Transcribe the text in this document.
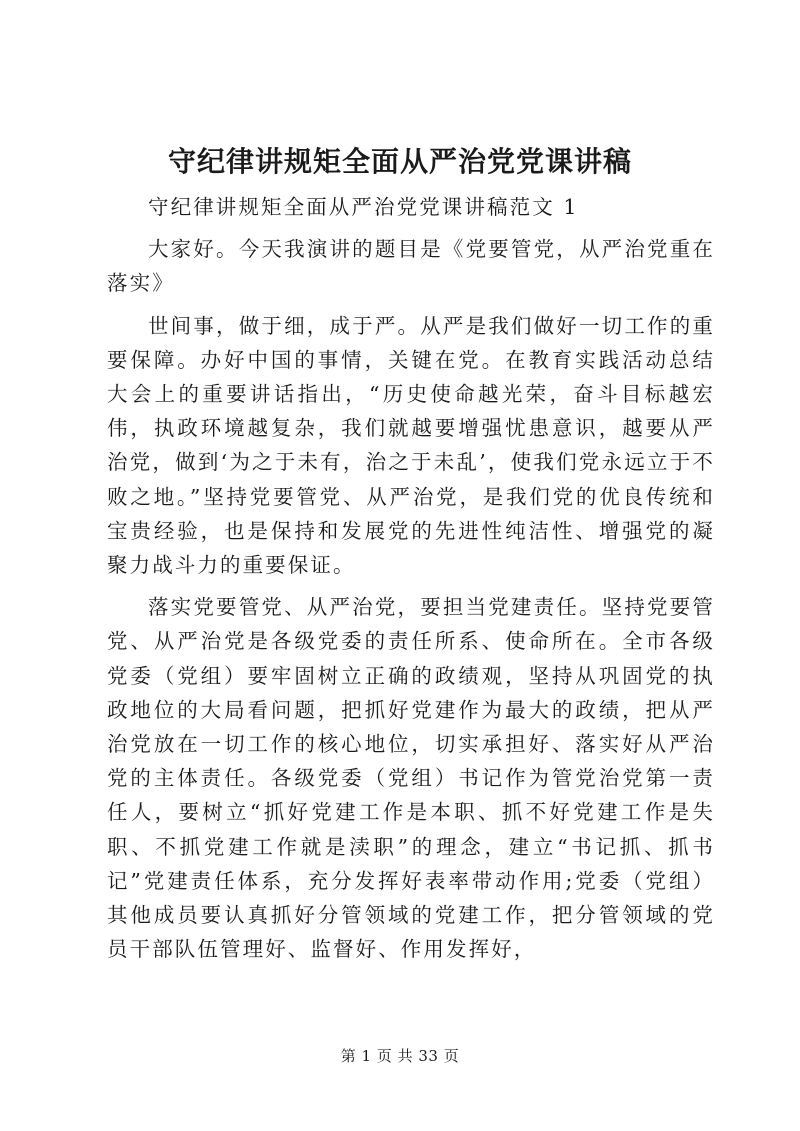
守纪律讲规矩全面从严治党党课讲稿

守纪律讲规矩全面从严治党党课讲稿范文 1

大家好。今天我演讲的题目是《党要管党，从严治党重在落实》

世间事，做于细，成于严。从严是我们做好一切工作的重要保障。办好中国的事情，关键在党。在教育实践活动总结大会上的重要讲话指出，“历史使命越光荣，奋斗目标越宏伟，执政环境越复杂，我们就越要增强忧患意识，越要从严治党，做到‘为之于未有，治之于未乱’，使我们党永远立于不败之地。”坚持党要管党、从严治党，是我们党的优良传统和宝贵经验，也是保持和发展党的先进性纯洁性、增强党的凝聚力战斗力的重要保证。

落实党要管党、从严治党，要担当党建责任。坚持党要管党、从严治党是各级党委的责任所系、使命所在。全市各级党委（党组）要牢固树立正确的政绩观，坚持从巩固党的执政地位的大局看问题，把抓好党建作为最大的政绩，把从严治党放在一切工作的核心地位，切实承担好、落实好从严治党的主体责任。各级党委（党组）书记作为管党治党第一责任人，要树立“抓好党建工作是本职、抓不好党建工作是失职、不抓党建工作就是渎职”的理念，建立“书记抓、抓书记”党建责任体系，充分发挥好表率带动作用;党委（党组）其他成员要认真抓好分管领域的党建工作，把分管领域的党员干部队伍管理好、监督好、作用发挥好，

第 1 页 共 33 页
